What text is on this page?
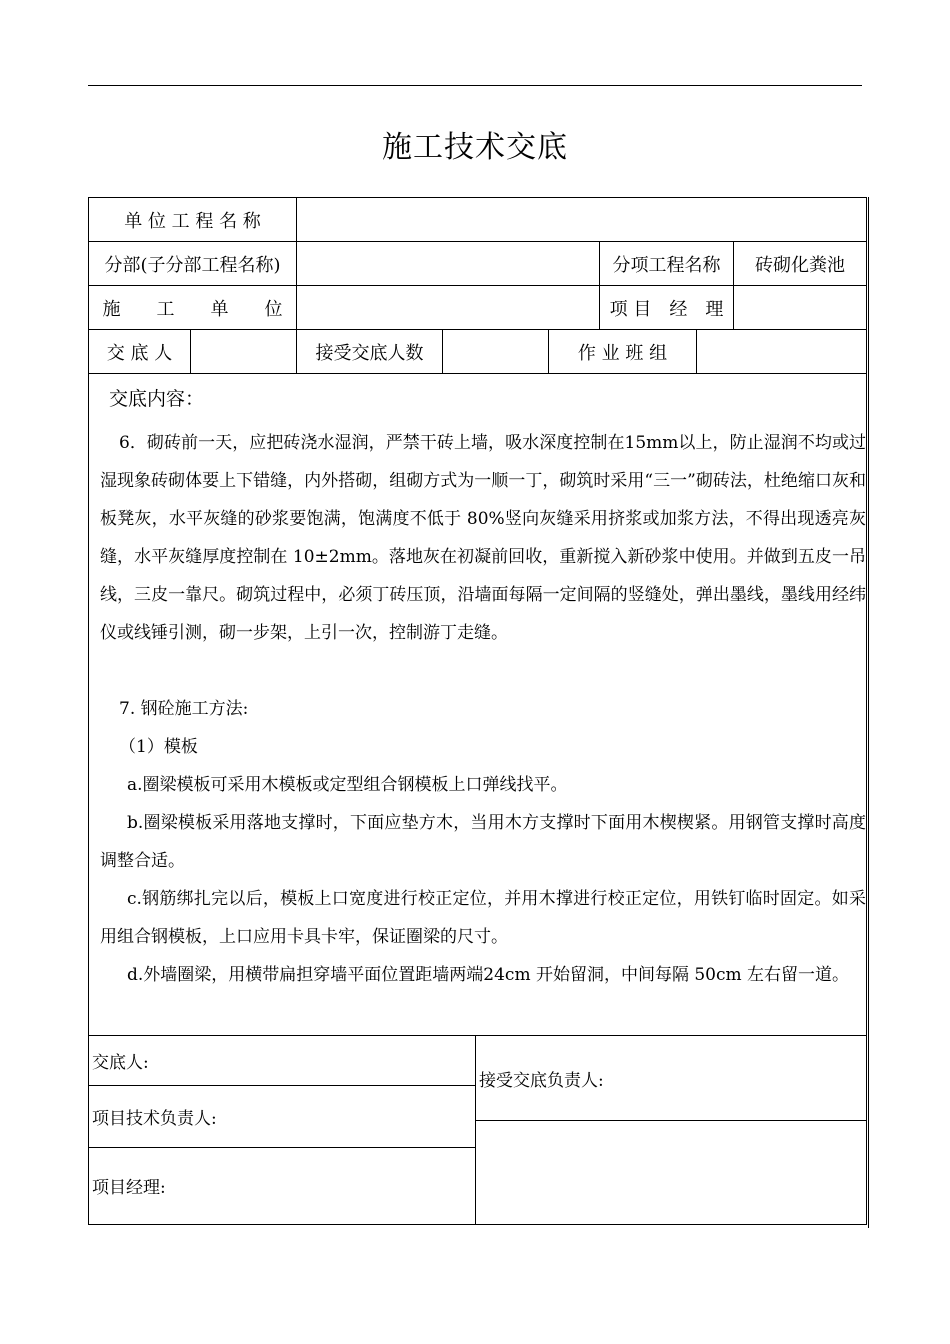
施工技术交底
单 位 工 程 名 称
分部(子分部工程名称)	分项工程名称	砖砌化粪池
施　　工　　单　　位	项 目　经　理
交 底 人	接受交底人数	作 业 班 组
交底内容：
6．砌砖前一天，应把砖浇水湿润，严禁干砖上墙，吸水深度控制在15mm以上，防止湿润不均或过湿现象砖砌体要上下错缝，内外搭砌，组砌方式为一顺一丁，砌筑时采用“三一”砌砖法，杜绝缩口灰和板凳灰，水平灰缝的砂浆要饱满，饱满度不低于 80%竖向灰缝采用挤浆或加浆方法，不得出现透亮灰缝，水平灰缝厚度控制在 10±2mm。落地灰在初凝前回收，重新搅入新砂浆中使用。并做到五皮一吊线，三皮一靠尺。砌筑过程中，必须丁砖压顶，沿墙面每隔一定间隔的竖缝处，弹出墨线，墨线用经纬仪或线锤引测，砌一步架，上引一次，控制游丁走缝。
7. 钢砼施工方法:
（1）模板
a.圈梁模板可采用木模板或定型组合钢模板上口弹线找平。
b.圈梁模板采用落地支撑时，下面应垫方木，当用木方支撑时下面用木楔楔紧。用钢管支撑时高度调整合适。
c.钢筋绑扎完以后，模板上口宽度进行校正定位，并用木撑进行校正定位，用铁钉临时固定。如采用组合钢模板，上口应用卡具卡牢，保证圈梁的尺寸。
d.外墙圈梁，用横带扁担穿墙平面位置距墙两端24cm 开始留洞，中间每隔 50cm 左右留一道。
交底人:
项目技术负责人:
项目经理:
接受交底负责人:
